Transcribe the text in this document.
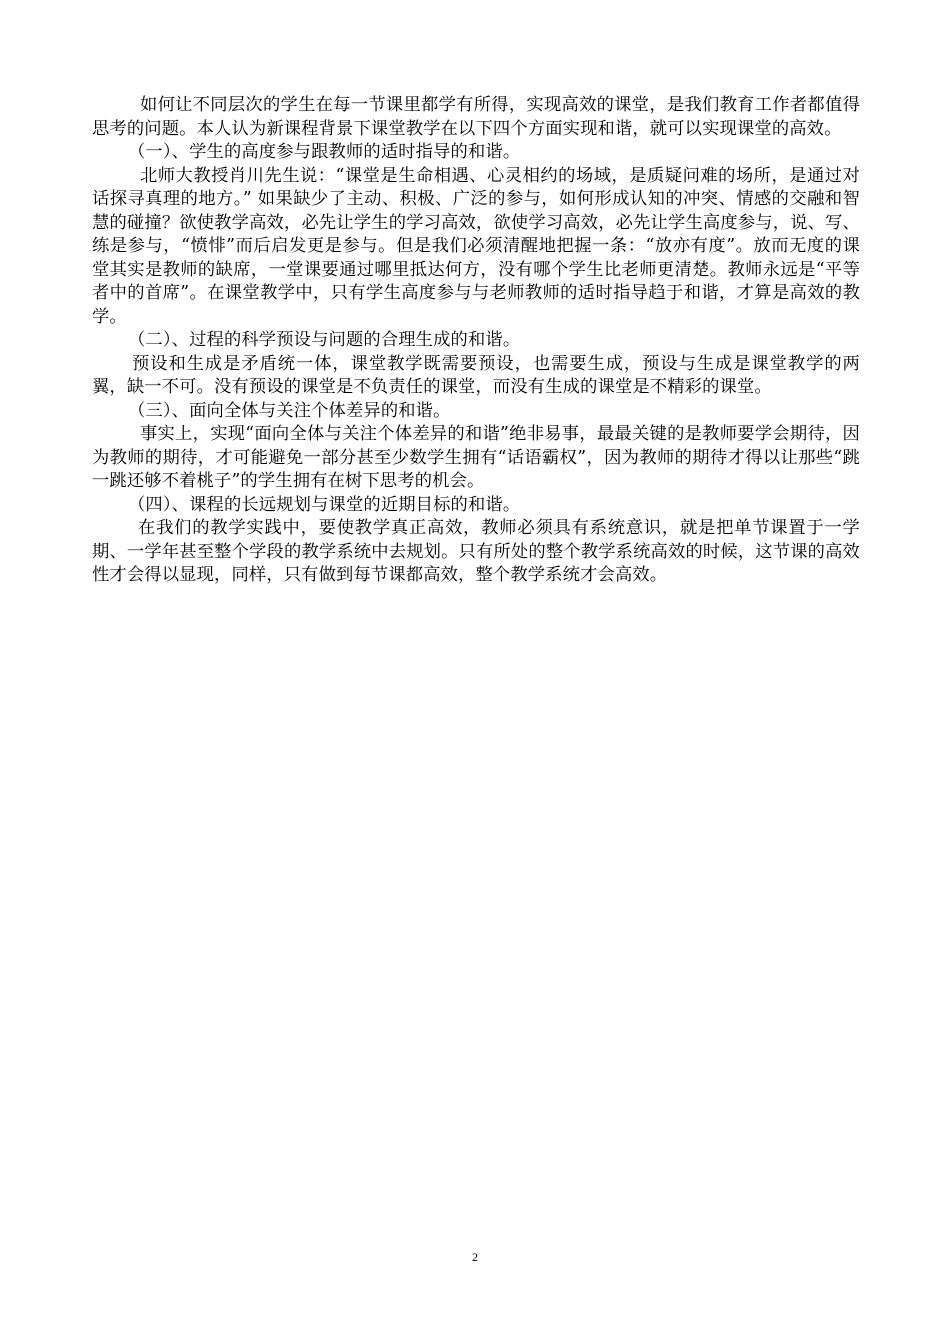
如何让不同层次的学生在每一节课里都学有所得，实现高效的课堂，是我们教育工作者都值得思考的问题。本人认为新课程背景下课堂教学在以下四个方面实现和谐，就可以实现课堂的高效。

（一）、学生的高度参与跟教师的适时指导的和谐。

北师大教授肖川先生说：“课堂是生命相遇、心灵相约的场域，是质疑问难的场所，是通过对话探寻真理的地方。” 如果缺少了主动、积极、广泛的参与，如何形成认知的冲突、情感的交融和智慧的碰撞？欲使教学高效，必先让学生的学习高效，欲使学习高效，必先让学生高度参与，说、写、练是参与，“愤悱”而后启发更是参与。但是我们必须清醒地把握一条：“放亦有度”。放而无度的课堂其实是教师的缺席，一堂课要通过哪里抵达何方，没有哪个学生比老师更清楚。教师永远是“平等者中的首席”。在课堂教学中，只有学生高度参与与老师教师的适时指导趋于和谐，才算是高效的教学。

（二）、过程的科学预设与问题的合理生成的和谐。

预设和生成是矛盾统一体，课堂教学既需要预设，也需要生成，预设与生成是课堂教学的两翼，缺一不可。没有预设的课堂是不负责任的课堂，而没有生成的课堂是不精彩的课堂。

（三）、面向全体与关注个体差异的和谐。

事实上，实现“面向全体与关注个体差异的和谐”绝非易事，最最关键的是教师要学会期待，因为教师的期待，才可能避免一部分甚至少数学生拥有“话语霸权”，因为教师的期待才得以让那些“跳一跳还够不着桃子”的学生拥有在树下思考的机会。

（四）、课程的长远规划与课堂的近期目标的和谐。

在我们的教学实践中，要使教学真正高效，教师必须具有系统意识，就是把单节课置于一学期、一学年甚至整个学段的教学系统中去规划。只有所处的整个教学系统高效的时候，这节课的高效性才会得以显现，同样，只有做到每节课都高效，整个教学系统才会高效。

2
